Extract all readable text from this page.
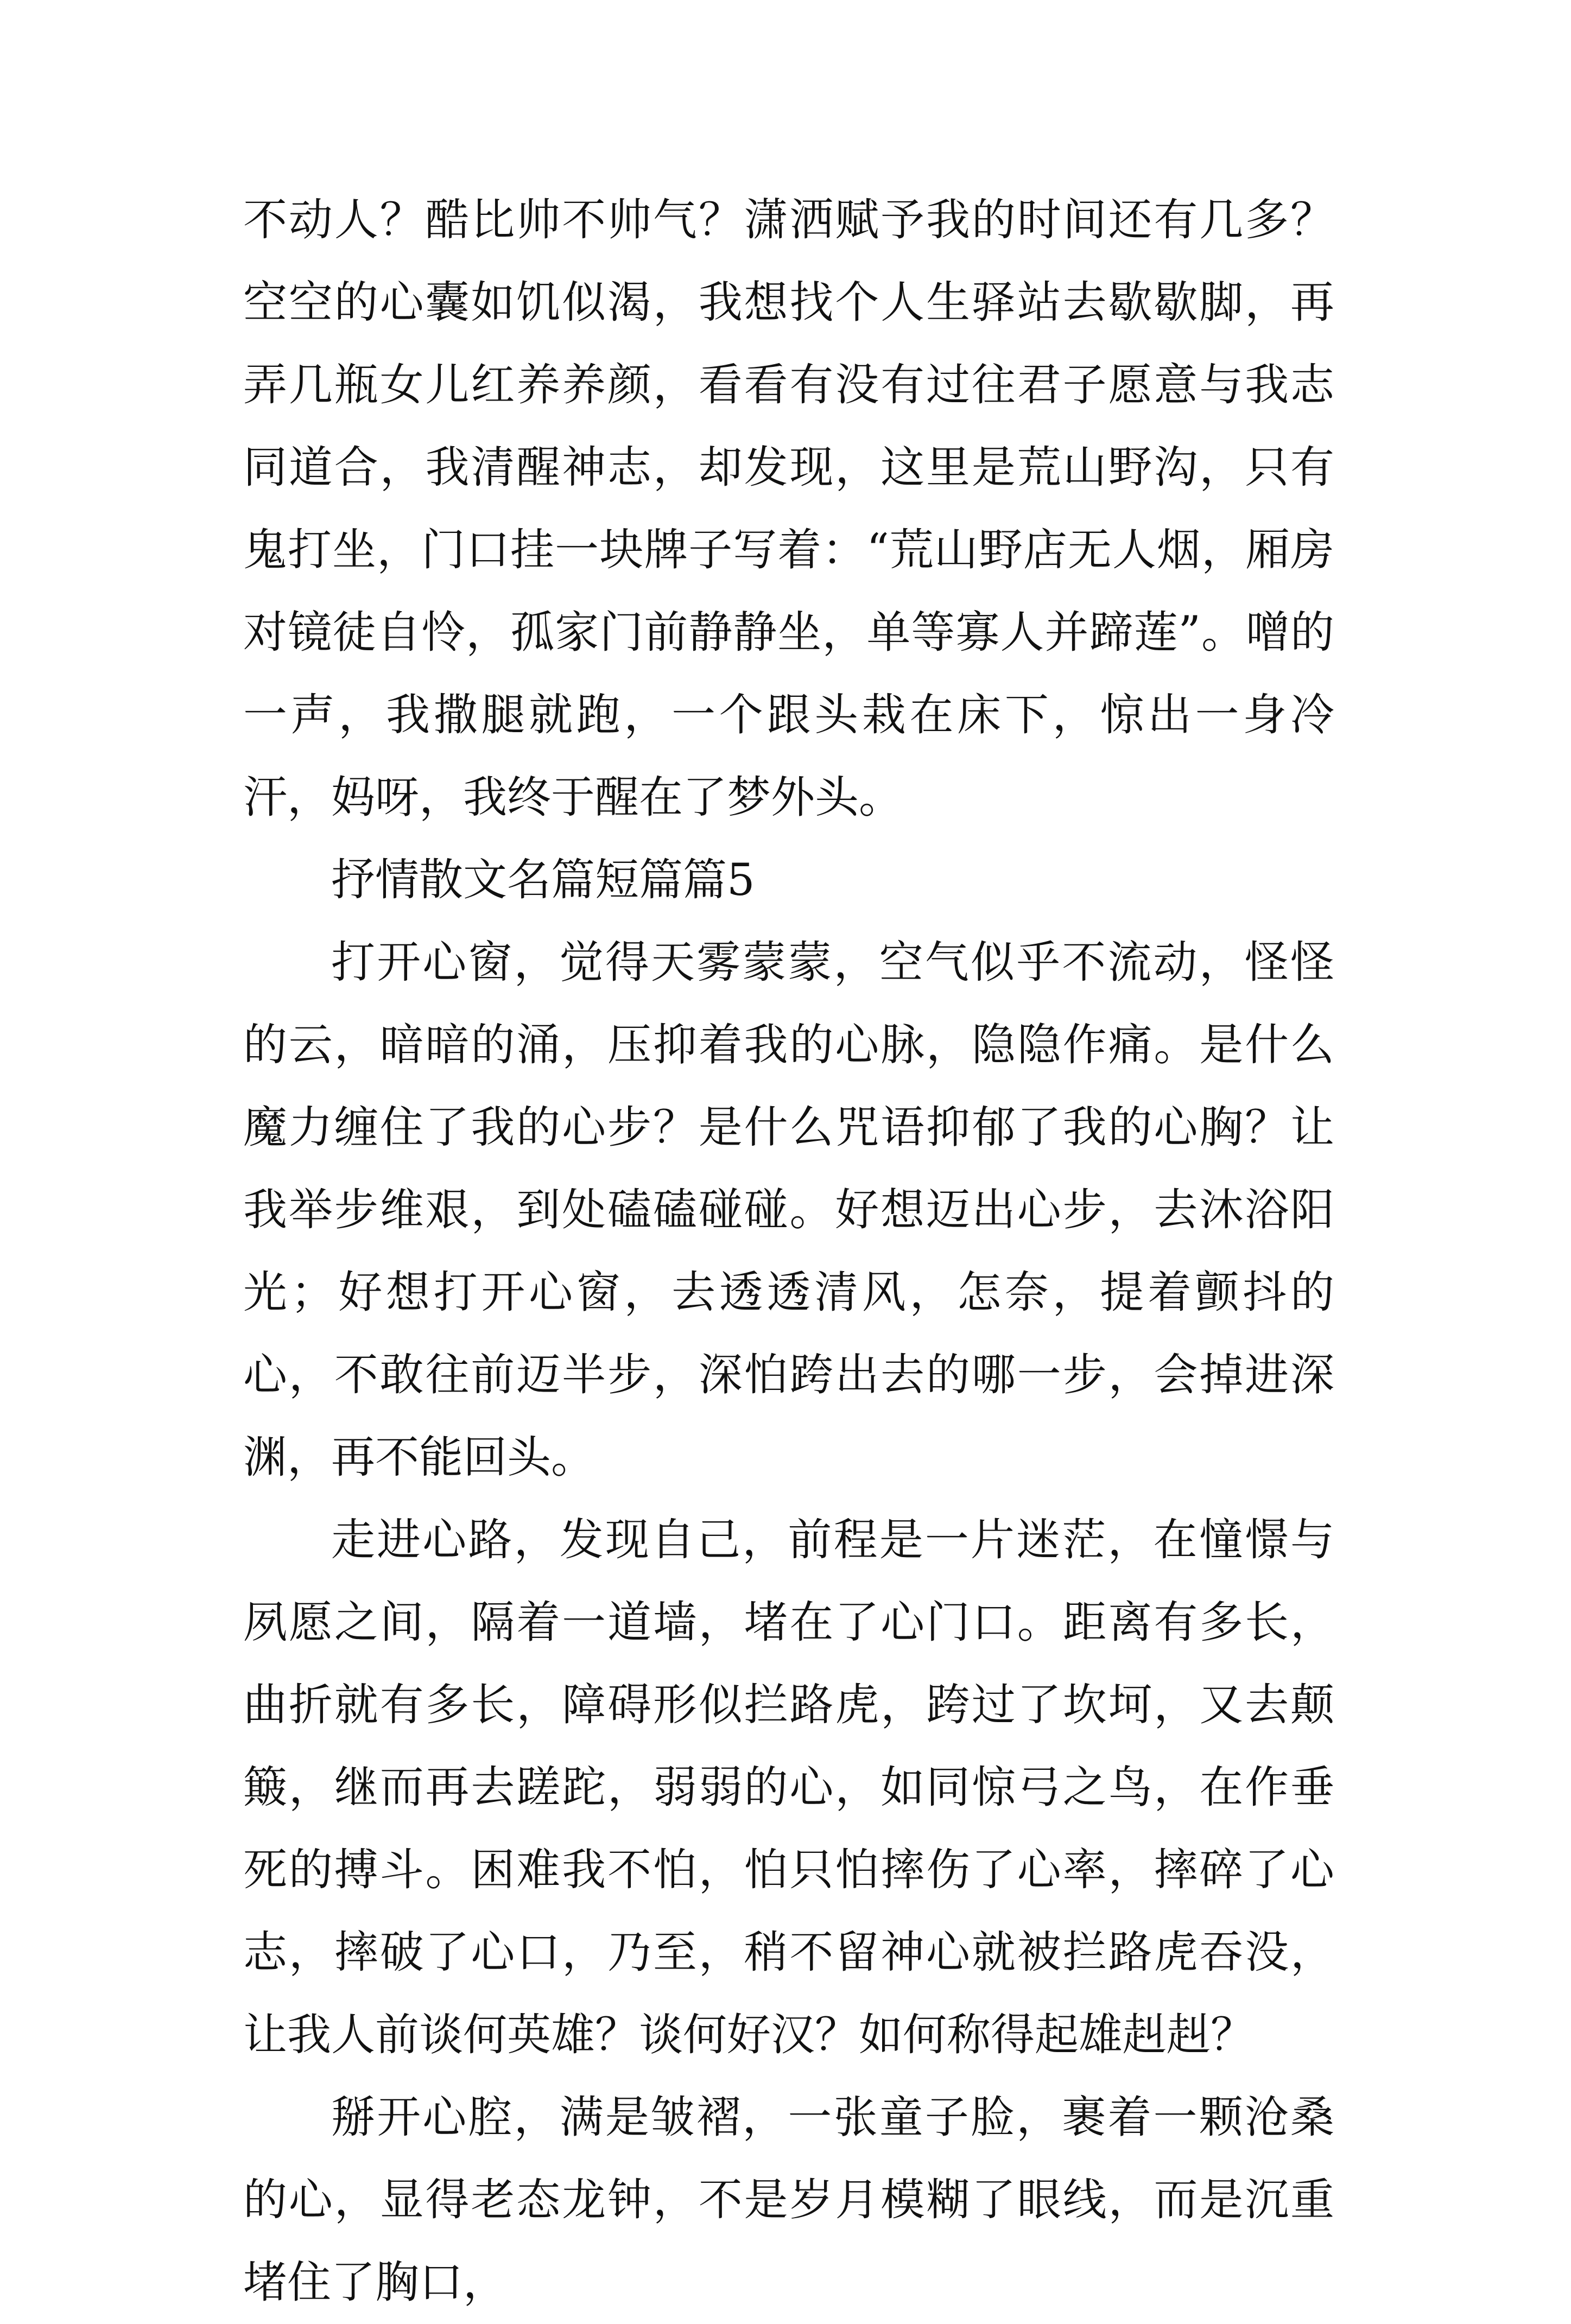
不动人？酷比帅不帅气？潇洒赋予我的时间还有几多？空空的心囊如饥似渴，我想找个人生驿站去歇歇脚，再弄几瓶女儿红养养颜，看看有没有过往君子愿意与我志同道合，我清醒神志，却发现，这里是荒山野沟，只有鬼打坐，门口挂一块牌子写着：“荒山野店无人烟，厢房对镜徒自怜，孤家门前静静坐，单等寡人并蹄莲”。噌的一声，我撒腿就跑，一个跟头栽在床下，惊出一身冷汗，妈呀，我终于醒在了梦外头。

抒情散文名篇短篇篇5

打开心窗，觉得天雾蒙蒙，空气似乎不流动，怪怪的云，暗暗的涌，压抑着我的心脉，隐隐作痛。是什么魔力缠住了我的心步？是什么咒语抑郁了我的心胸？让我举步维艰，到处磕磕碰碰。好想迈出心步，去沐浴阳光；好想打开心窗，去透透清风，怎奈，提着颤抖的心，不敢往前迈半步，深怕跨出去的哪一步，会掉进深渊，再不能回头。

走进心路，发现自己，前程是一片迷茫，在憧憬与夙愿之间，隔着一道墙，堵在了心门口。距离有多长，曲折就有多长，障碍形似拦路虎，跨过了坎坷，又去颠簸，继而再去蹉跎，弱弱的心，如同惊弓之鸟，在作垂死的搏斗。困难我不怕，怕只怕摔伤了心率，摔碎了心志，摔破了心口，乃至，稍不留神心就被拦路虎吞没，让我人前谈何英雄？谈何好汉？如何称得起雄赳赳？

掰开心腔，满是皱褶，一张童子脸，裹着一颗沧桑的心，显得老态龙钟，不是岁月模糊了眼线，而是沉重堵住了胸口，
